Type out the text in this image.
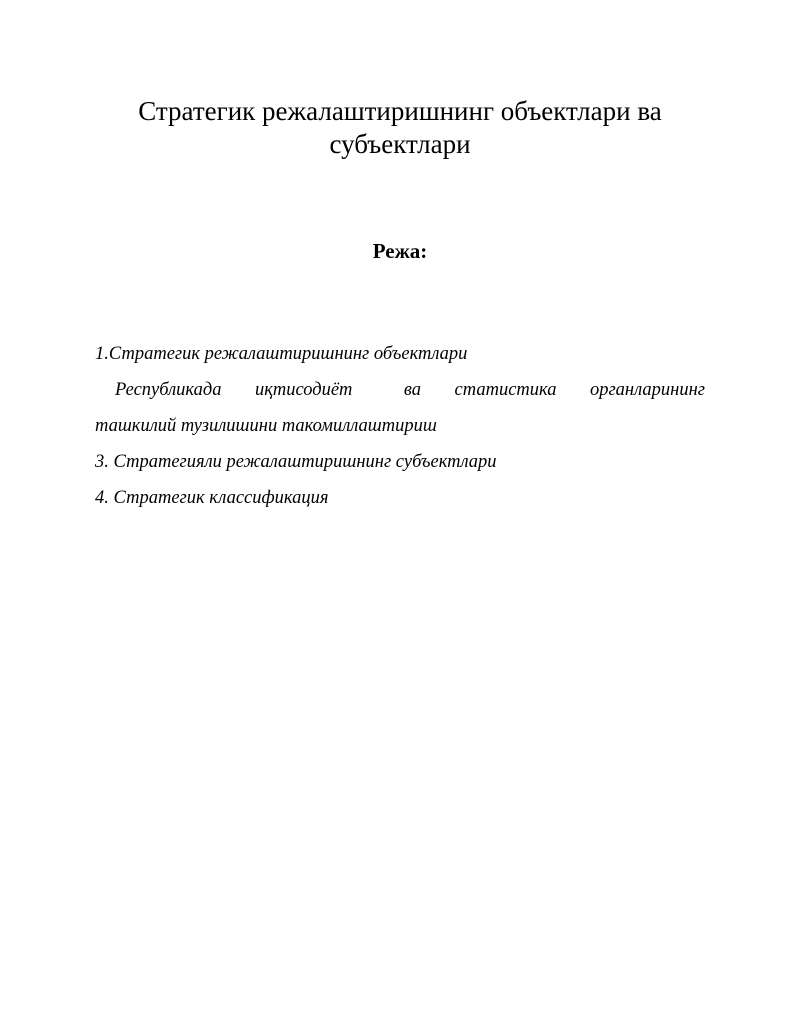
Стратегик режалаштиришнинг объектлари ва субъектлари
Режа:

1.Стратегик режалаштиришнинг объектлари

Республикада иқтисодиёт	ва статистика органларининг

ташкилий тузилишини такомиллаштириш

3. Стратегияли режалаштиришнинг субъектлари

4. Стратегик классификация
